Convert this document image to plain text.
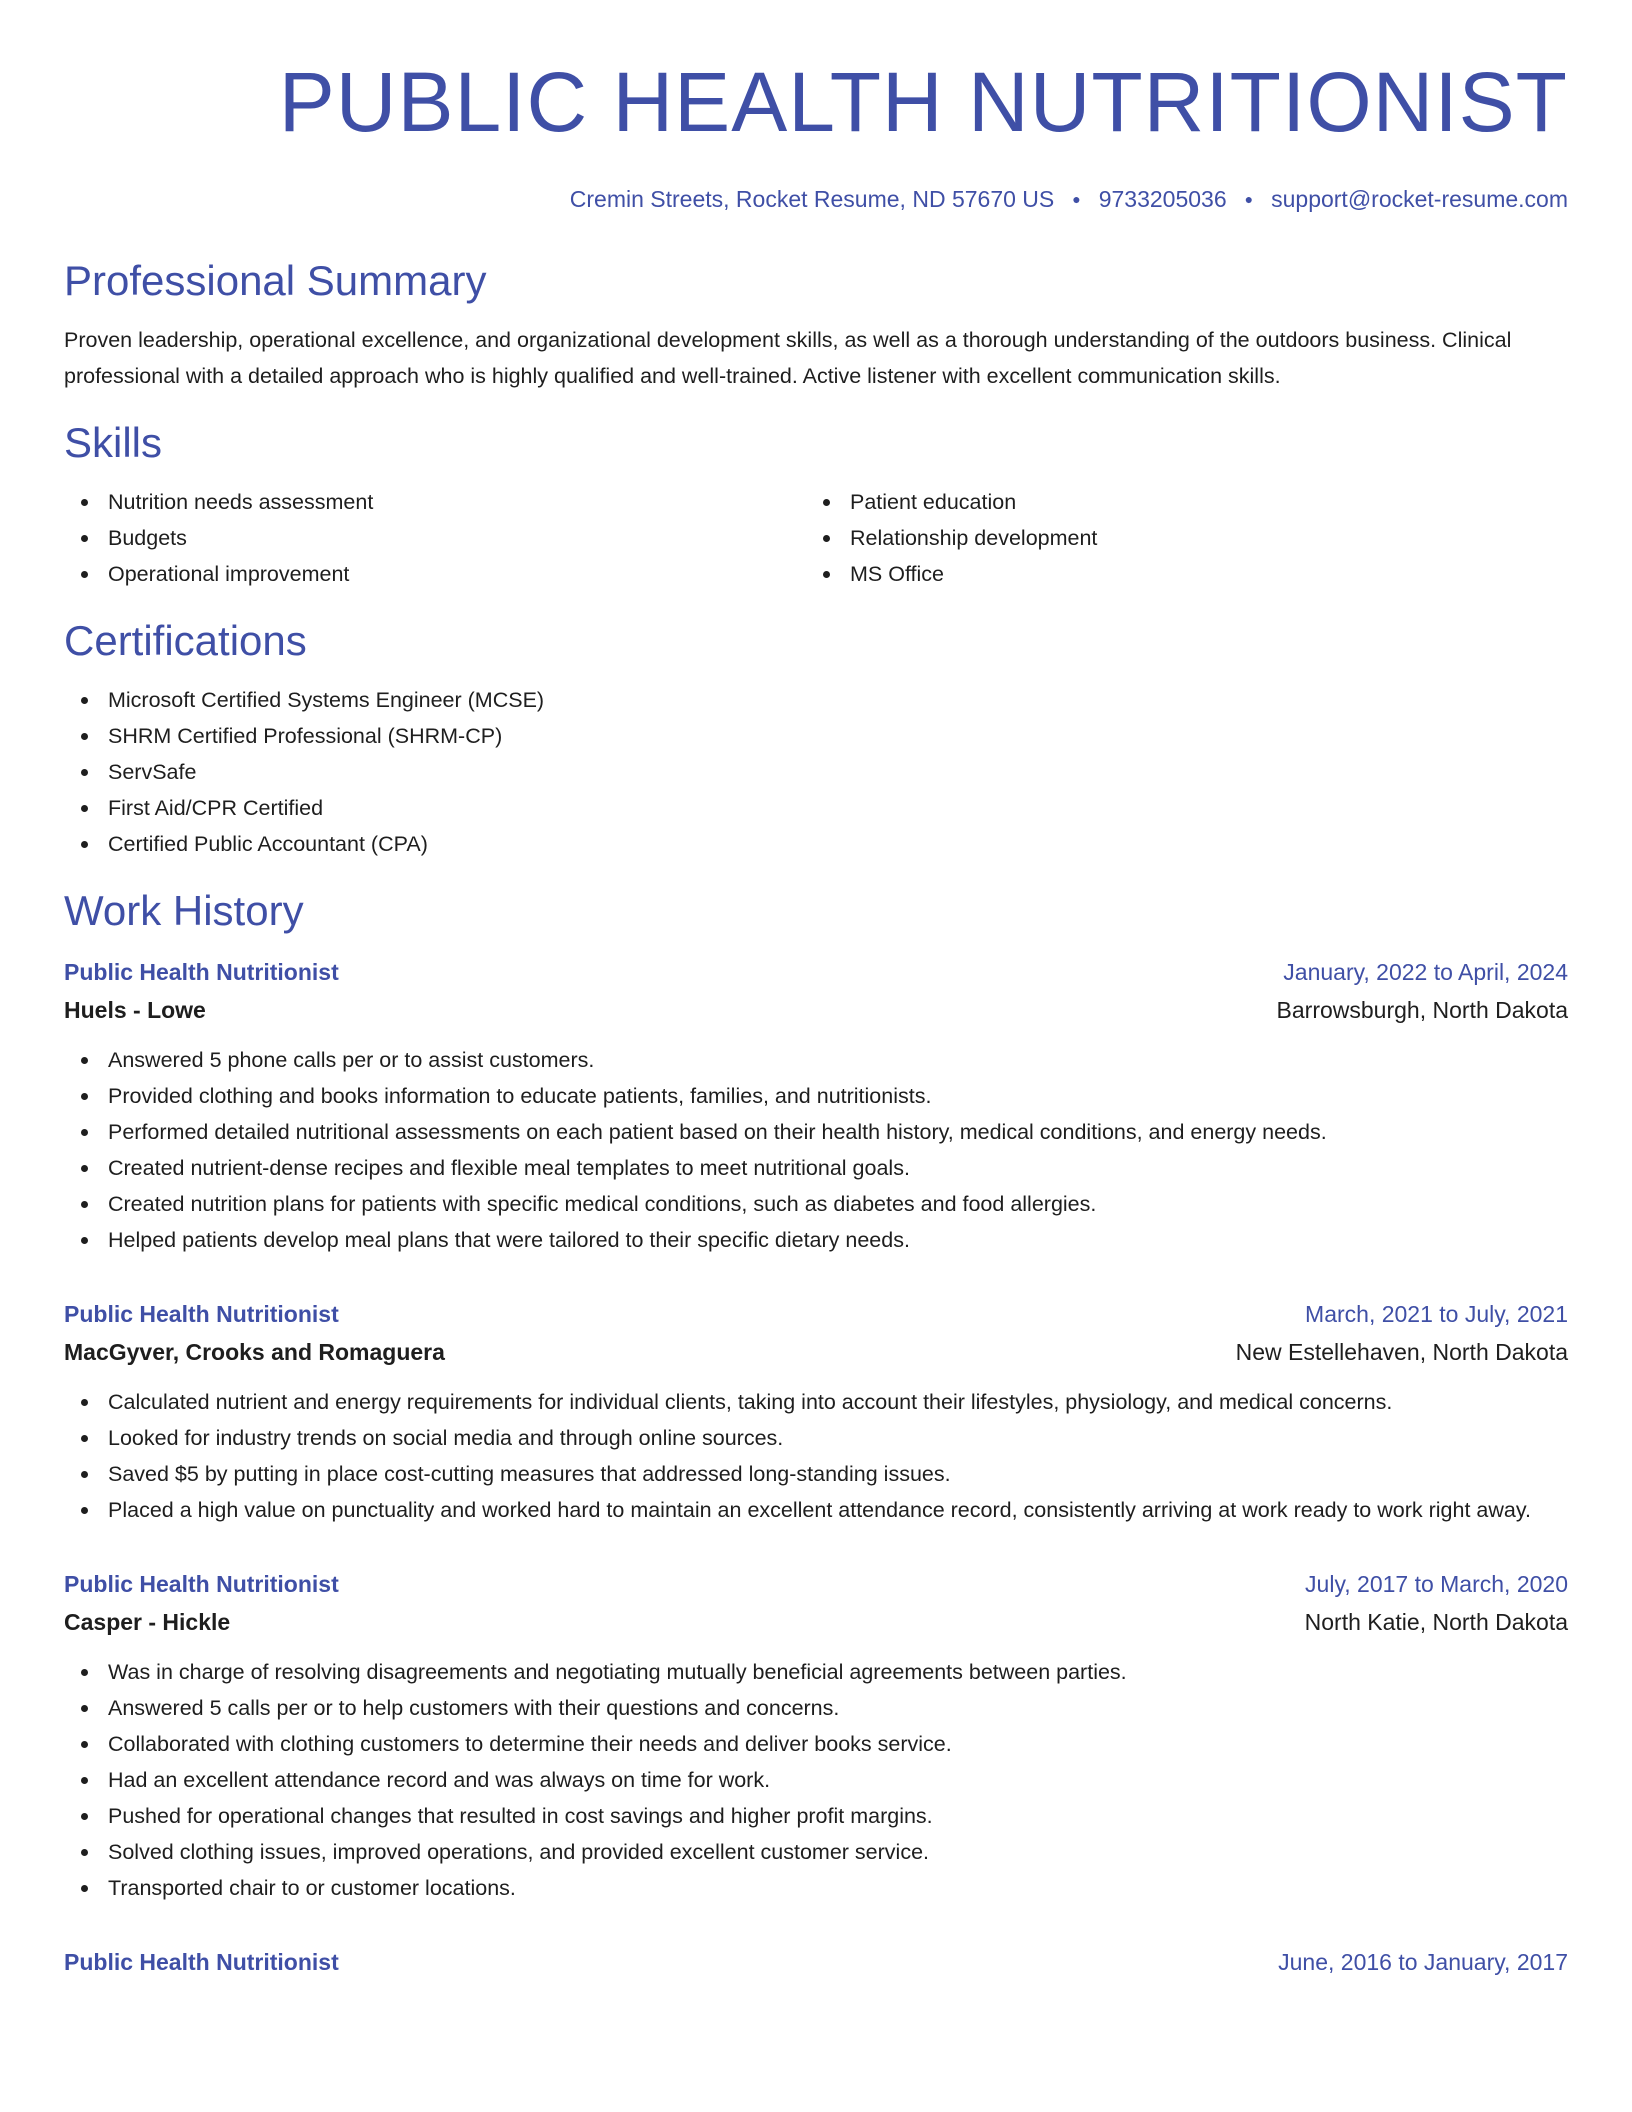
PUBLIC HEALTH NUTRITIONIST
Cremin Streets, Rocket Resume, ND 57670 US ● 9733205036 ● support@rocket-resume.com
Professional Summary
Proven leadership, operational excellence, and organizational development skills, as well as a thorough understanding of the outdoors business. Clinical professional with a detailed approach who is highly qualified and well-trained. Active listener with excellent communication skills.
Skills
Nutrition needs assessment
Budgets
Operational improvement
Patient education
Relationship development
MS Office
Certifications
Microsoft Certified Systems Engineer (MCSE)
SHRM Certified Professional (SHRM-CP)
ServSafe
First Aid/CPR Certified
Certified Public Accountant (CPA)
Work History
Public Health Nutritionist	January, 2022 to April, 2024
Huels - Lowe	Barrowsburgh, North Dakota
Answered 5 phone calls per or to assist customers.
Provided clothing and books information to educate patients, families, and nutritionists.
Performed detailed nutritional assessments on each patient based on their health history, medical conditions, and energy needs.
Created nutrient-dense recipes and flexible meal templates to meet nutritional goals.
Created nutrition plans for patients with specific medical conditions, such as diabetes and food allergies.
Helped patients develop meal plans that were tailored to their specific dietary needs.
Public Health Nutritionist	March, 2021 to July, 2021
MacGyver, Crooks and Romaguera	New Estellehaven, North Dakota
Calculated nutrient and energy requirements for individual clients, taking into account their lifestyles, physiology, and medical concerns.
Looked for industry trends on social media and through online sources.
Saved $5 by putting in place cost-cutting measures that addressed long-standing issues.
Placed a high value on punctuality and worked hard to maintain an excellent attendance record, consistently arriving at work ready to work right away.
Public Health Nutritionist	July, 2017 to March, 2020
Casper - Hickle	North Katie, North Dakota
Was in charge of resolving disagreements and negotiating mutually beneficial agreements between parties.
Answered 5 calls per or to help customers with their questions and concerns.
Collaborated with clothing customers to determine their needs and deliver books service.
Had an excellent attendance record and was always on time for work.
Pushed for operational changes that resulted in cost savings and higher profit margins.
Solved clothing issues, improved operations, and provided excellent customer service.
Transported chair to or customer locations.
Public Health Nutritionist	June, 2016 to January, 2017
